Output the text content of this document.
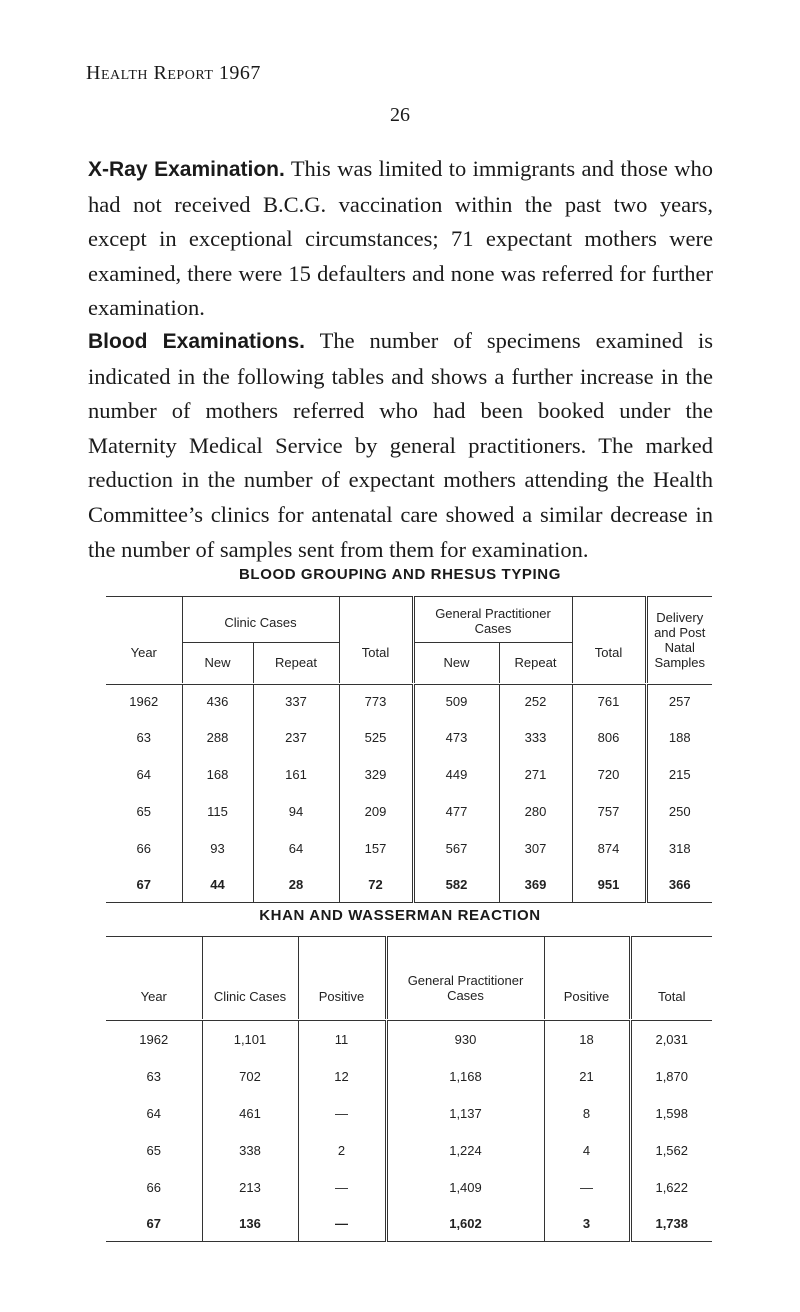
Health Report 1967
26
X-Ray Examination. This was limited to immigrants and those who had not received B.C.G. vaccination within the past two years, except in exceptional circumstances; 71 expectant mothers were examined, there were 15 defaulters and none was referred for further examination.
Blood Examinations. The number of specimens examined is indicated in the following tables and shows a further increase in the number of mothers referred who had been booked under the Maternity Medical Service by general practitioners. The marked reduction in the number of expectant mothers attending the Health Committee’s clinics for antenatal care showed a similar decrease in the number of samples sent from them for examination.
BLOOD GROUPING AND RHESUS TYPING
Year	Clinic Cases		Total	General Practitioner Cases		Total	Delivery and Post Natal Samples
	New	Repeat		New	Repeat		

1962	436	337	773	509	252	761	257
63	288	237	525	473	333	806	188
64	168	161	329	449	271	720	215
65	115	94	209	477	280	757	250
66	93	64	157	567	307	874	318
67	44	28	72	582	369	951	366
KHAN AND WASSERMAN REACTION
Year	Clinic Cases	Positive	General Practitioner Cases	Positive	Total

1962	1,101	11	930	18	2,031
63	702	12	1,168	21	1,870
64	461	—	1,137	8	1,598
65	338	2	1,224	4	1,562
66	213	—	1,409	—	1,622
67	136	—	1,602	3	1,738
